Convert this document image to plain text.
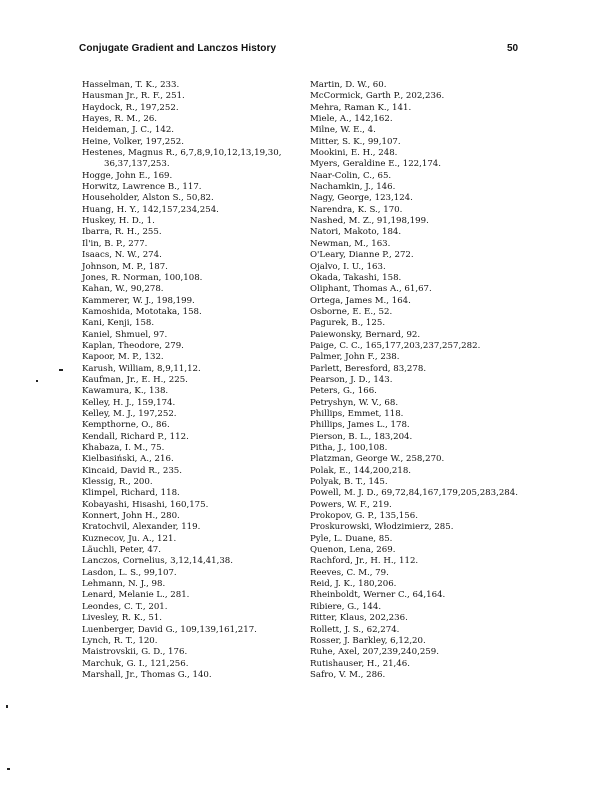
Conjugate Gradient and Lanczos History	50
Hasselman, T. K., 233.
Hausman Jr., R. F., 251.
Haydock, R., 197,252.
Hayes, R. M., 26.
Heideman, J. C., 142.
Heine, Volker, 197,252.
Hestenes, Magnus R., 6,7,8,9,10,12,13,19,30,
36,37,137,253.
Hogge, John E., 169.
Horwitz, Lawrence B., 117.
Householder, Alston S., 50,82.
Huang, H. Y., 142,157,234,254.
Huskey, H. D., 1.
Ibarra, R. H., 255.
Il'in, B. P., 277.
Isaacs, N. W., 274.
Johnson, M. P., 187.
Jones, R. Norman, 100,108.
Kahan, W., 90,278.
Kammerer, W. J., 198,199.
Kamoshida, Mototaka, 158.
Kani, Kenji, 158.
Kaniel, Shmuel, 97.
Kaplan, Theodore, 279.
Kapoor, M. P., 132.
Karush, William, 8,9,11,12.
Kaufman, Jr., E. H., 225.
Kawamura, K., 138.
Kelley, H. J., 159,174.
Kelley, M. J., 197,252.
Kempthorne, O., 86.
Kendall, Richard P., 112.
Khabaza, I. M., 75.
Kielbasiński, A., 216.
Kincaid, David R., 235.
Klessig, R., 200.
Klimpel, Richard, 118.
Kobayashi, Hisashi, 160,175.
Konnert, John H., 280.
Kratochvil, Alexander, 119.
Kuznecov, Ju. A., 121.
Läuchli, Peter, 47.
Lanczos, Cornelius, 3,12,14,41,38.
Lasdon, L. S., 99,107.
Lehmann, N. J., 98.
Lenard, Melanie L., 281.
Leondes, C. T., 201.
Livesley, R. K., 51.
Luenberger, David G., 109,139,161,217.
Lynch, R. T., 120.
Maistrovskii, G. D., 176.
Marchuk, G. I., 121,256.
Marshall, Jr., Thomas G., 140.
Martin, D. W., 60.
McCormick, Garth P., 202,236.
Mehra, Raman K., 141.
Miele, A., 142,162.
Milne, W. E., 4.
Mitter, S. K., 99,107.
Mookini, E. H., 248.
Myers, Geraldine E., 122,174.
Naar-Colin, C., 65.
Nachamkin, J., 146.
Nagy, George, 123,124.
Narendra, K. S., 170.
Nashed, M. Z., 91,198,199.
Natori, Makoto, 184.
Newman, M., 163.
O'Leary, Dianne P., 272.
Ojalvo, I. U., 163.
Okada, Takashi, 158.
Oliphant, Thomas A., 61,67.
Ortega, James M., 164.
Osborne, E. E., 52.
Pagurek, B., 125.
Paiewonsky, Bernard, 92.
Paige, C. C., 165,177,203,237,257,282.
Palmer, John F., 238.
Parlett, Beresford, 83,278.
Pearson, J. D., 143.
Peters, G., 166.
Petryshyn, W. V., 68.
Phillips, Emmet, 118.
Phillips, James L., 178.
Pierson, B. L., 183,204.
Pitha, J., 100,108.
Platzman, George W., 258,270.
Polak, E., 144,200,218.
Polyak, B. T., 145.
Powell, M. J. D., 69,72,84,167,179,205,283,284.
Powers, W. F., 219.
Prokopov, G. P., 135,156.
Proskurowski, Włodzimierz, 285.
Pyle, L. Duane, 85.
Quenon, Lena, 269.
Rachford, Jr., H. H., 112.
Reeves, C. M., 79.
Reid, J. K., 180,206.
Rheinboldt, Werner C., 64,164.
Ribiere, G., 144.
Ritter, Klaus, 202,236.
Rollett, J. S., 62,274.
Rosser, J. Barkley, 6,12,20.
Ruhe, Axel, 207,239,240,259.
Rutishauser, H., 21,46.
Safro, V. M., 286.
